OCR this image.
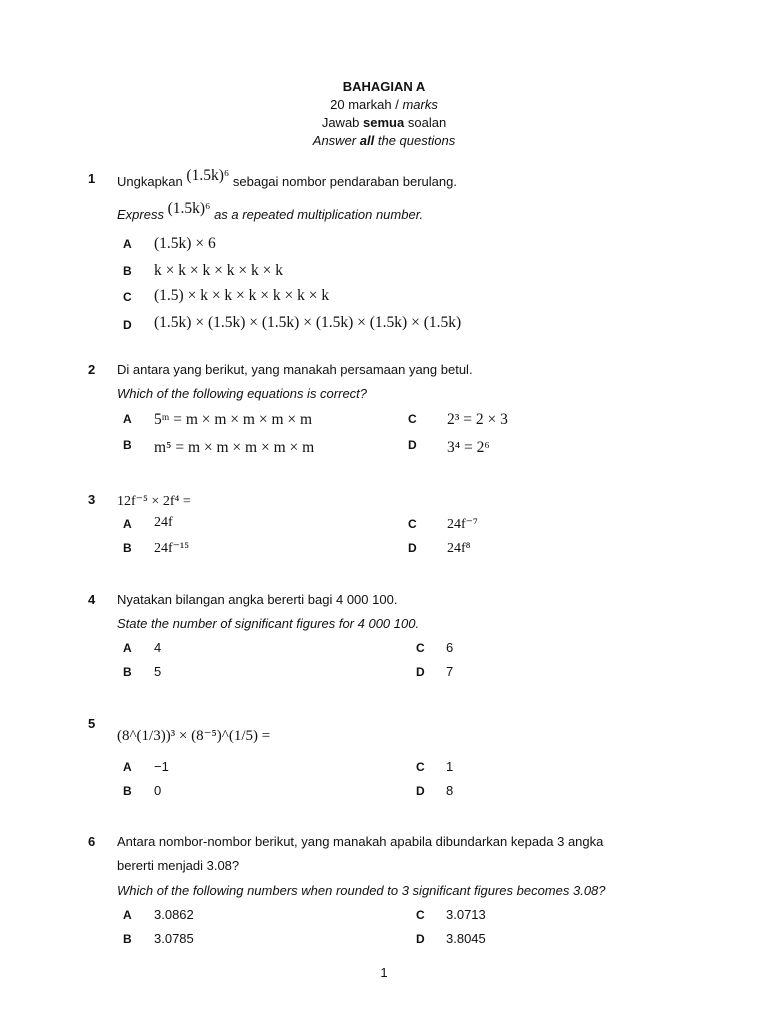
BAHAGIAN A
20 markah / marks
Jawab semua soalan
Answer all the questions
1 Ungkapkan (1.5k)⁶ sebagai nombor pendaraban berulang.
Express (1.5k)⁶ as a repeated multiplication number.
A (1.5k) × 6
B k × k × k × k × k × k
C (1.5) × k × k × k × k × k × k
D (1.5k) × (1.5k) × (1.5k) × (1.5k) × (1.5k) × (1.5k)
2 Di antara yang berikut, yang manakah persamaan yang betul.
Which of the following equations is correct?
A 5ᵐ = m × m × m × m × m
B m⁵ = m × m × m × m × m
C 2³ = 2 × 3
D 3⁴ = 2⁶
3 12f⁻⁵ × 2f⁴ =
A 24f
B 24f⁻¹⁵
C 24f⁻⁷
D 24f⁸
4 Nyatakan bilangan angka bererti bagi 4 000 100.
State the number of significant figures for 4 000 100.
A 4
B 5
C 6
D 7
5
(8^(1/3))³ × (8⁻⁵)^(1/5) =
A −1
B 0
C 1
D 8
6 Antara nombor-nombor berikut, yang manakah apabila dibundarkan kepada 3 angka
bererti menjadi 3.08?
Which of the following numbers when rounded to 3 significant figures becomes 3.08?
A 3.0862
B 3.0785
C 3.0713
D 3.8045
1
